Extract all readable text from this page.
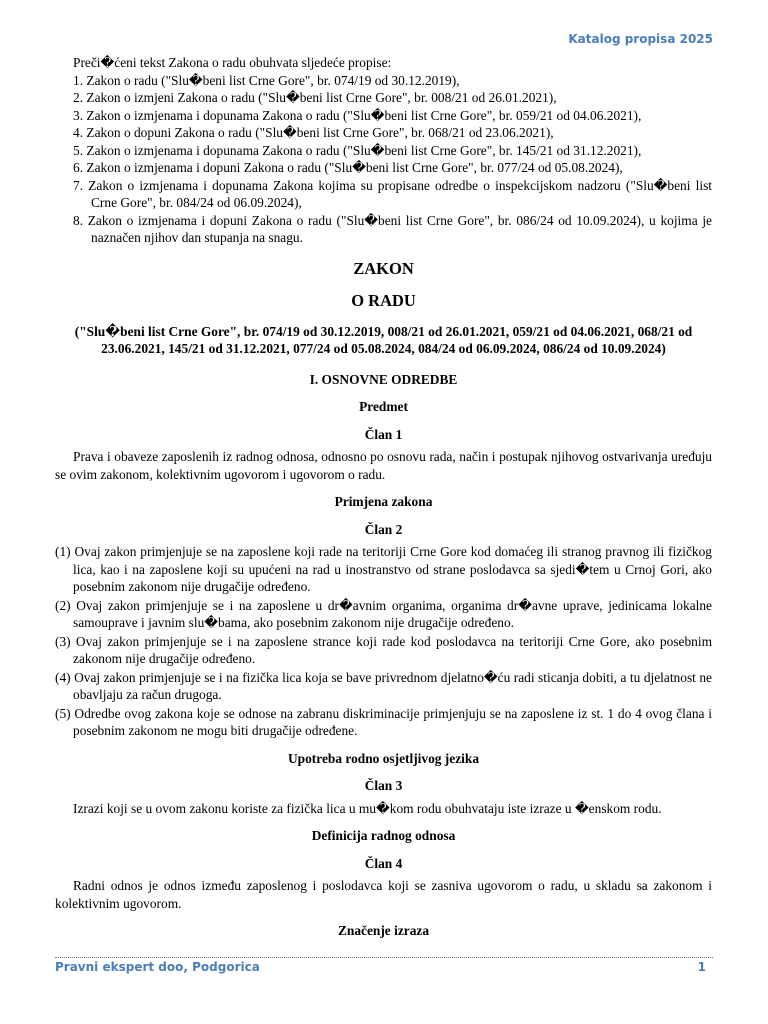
Katalog propisa 2025

Preči�ćeni tekst Zakona o radu obuhvata sljedeće propise:

1. Zakon o radu ("Slu�beni list Crne Gore", br. 074/19 od 30.12.2019),
2. Zakon o izmjeni Zakona o radu ("Slu�beni list Crne Gore", br. 008/21 od 26.01.2021),
3. Zakon o izmjenama i dopunama Zakona o radu ("Slu�beni list Crne Gore", br. 059/21 od 04.06.2021),
4. Zakon o dopuni Zakona o radu ("Slu�beni list Crne Gore", br. 068/21 od 23.06.2021),
5. Zakon o izmjenama i dopunama Zakona o radu ("Slu�beni list Crne Gore", br. 145/21 od 31.12.2021),
6. Zakon o izmjenama i dopuni Zakona o radu ("Slu�beni list Crne Gore", br. 077/24 od 05.08.2024),
7. Zakon o izmjenama i dopunama Zakona kojima su propisane odredbe o inspekcijskom nadzoru ("Slu�beni list Crne Gore", br. 084/24 od 06.09.2024),
8. Zakon o izmjenama i dopuni Zakona o radu ("Slu�beni list Crne Gore", br. 086/24 od 10.09.2024), u kojima je naznačen njihov dan stupanja na snagu.
ZAKON
O RADU
("Slu�beni list Crne Gore", br. 074/19 od 30.12.2019, 008/21 od 26.01.2021, 059/21 od 04.06.2021, 068/21 od 23.06.2021, 145/21 od 31.12.2021, 077/24 od 05.08.2024, 084/24 od 06.09.2024, 086/24 od 10.09.2024)
I. OSNOVNE ODREDBE
Predmet
Član 1

Prava i obaveze zaposlenih iz radnog odnosa, odnosno po osnovu rada, način i postupak njihovog ostvarivanja uređuju se ovim zakonom, kolektivnim ugovorom i ugovorom o radu.

Primjena zakona
Član 2
(1) Ovaj zakon primjenjuje se na zaposlene koji rade na teritoriji Crne Gore kod domaćeg ili stranog pravnog ili fizičkog lica, kao i na zaposlene koji su upućeni na rad u inostranstvo od strane poslodavca sa sjedi�tem u Crnoj Gori, ako posebnim zakonom nije drugačije određeno.
(2) Ovaj zakon primjenjuje se i na zaposlene u dr�avnim organima, organima dr�avne uprave, jedinicama lokalne samouprave i javnim slu�bama, ako posebnim zakonom nije drugačije određeno.
(3) Ovaj zakon primjenjuje se i na zaposlene strance koji rade kod poslodavca na teritoriji Crne Gore, ako posebnim zakonom nije drugačije određeno.
(4) Ovaj zakon primjenjuje se i na fizička lica koja se bave privrednom djelatno�ću radi sticanja dobiti, a tu djelatnost ne obavljaju za račun drugoga.
(5) Odredbe ovog zakona koje se odnose na zabranu diskriminacije primjenjuju se na zaposlene iz st. 1 do 4 ovog člana i posebnim zakonom ne mogu biti drugačije određene.
Upotreba rodno osjetljivog jezika
Član 3

Izrazi koji se u ovom zakonu koriste za fizička lica u mu�kom rodu obuhvataju iste izraze u �enskom rodu.

Definicija radnog odnosa
Član 4

Radni odnos je odnos između zaposlenog i poslodavca koji se zasniva ugovorom o radu, u skladu sa zakonom i kolektivnim ugovorom.

Značenje izraza
Pravni ekspert doo, Podgorica	1
